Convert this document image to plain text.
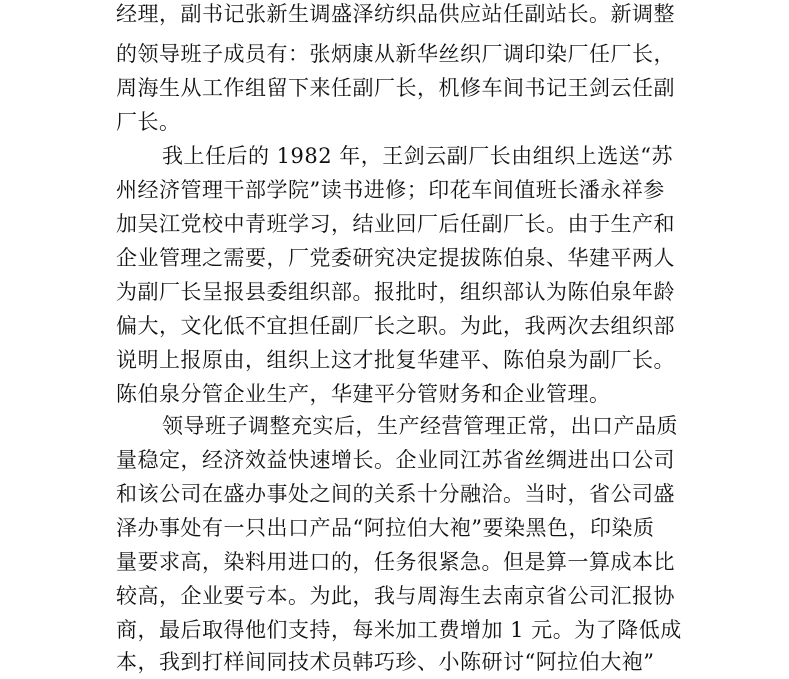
经理，副书记张新生调盛泽纺织品供应站任副站长。新调整
的领导班子成员有：张炳康从新华丝织厂调印染厂任厂长，
周海生从工作组留下来任副厂长，机修车间书记王剑云任副
厂长。
我上任后的 1982 年，王剑云副厂长由组织上选送“苏
州经济管理干部学院”读书进修；印花车间值班长潘永祥参
加吴江党校中青班学习，结业回厂后任副厂长。由于生产和
企业管理之需要，厂党委研究决定提拔陈伯泉、华建平两人
为副厂长呈报县委组织部。报批时，组织部认为陈伯泉年龄
偏大，文化低不宜担任副厂长之职。为此，我两次去组织部
说明上报原由，组织上这才批复华建平、陈伯泉为副厂长。
陈伯泉分管企业生产，华建平分管财务和企业管理。
领导班子调整充实后，生产经营管理正常，出口产品质
量稳定，经济效益快速增长。企业同江苏省丝绸进出口公司
和该公司在盛办事处之间的关系十分融洽。当时，省公司盛
泽办事处有一只出口产品“阿拉伯大袍”要染黑色，印染质
量要求高，染料用进口的，任务很紧急。但是算一算成本比
较高，企业要亏本。为此，我与周海生去南京省公司汇报协
商，最后取得他们支持，每米加工费增加 1 元。为了降低成
本，我到打样间同技术员韩巧珍、小陈研讨“阿拉伯大袍”
